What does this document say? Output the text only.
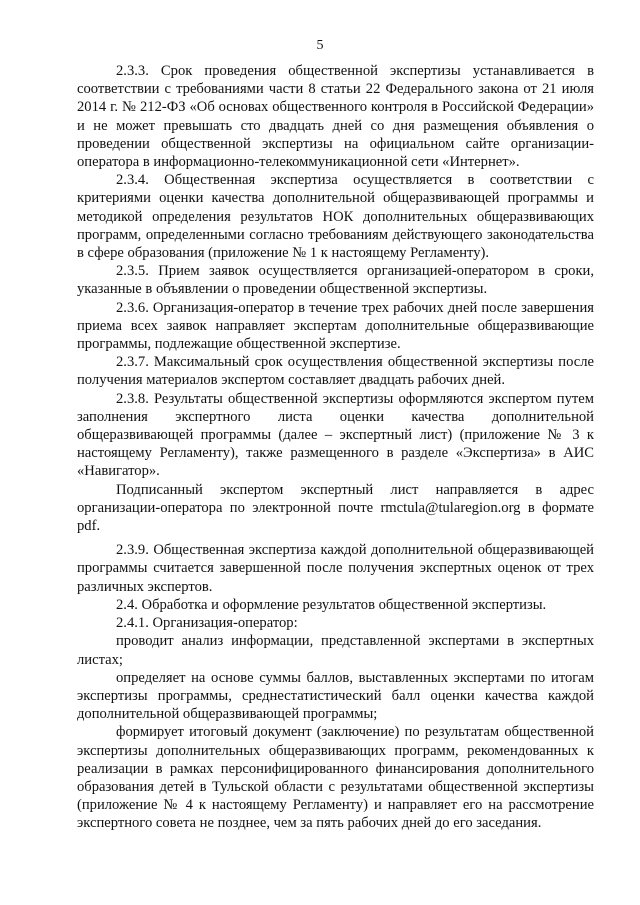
5

2.3.3. Срок проведения общественной экспертизы устанавливается в соответствии с требованиями части 8 статьи 22 Федерального закона от 21 июля 2014 г. № 212-ФЗ «Об основах общественного контроля в Российской Федерации» и не может превышать сто двадцать дней со дня размещения объявления о проведении общественной экспертизы на официальном сайте организации-оператора в информационно-телекоммуникационной сети «Интернет».

2.3.4. Общественная экспертиза осуществляется в соответствии с критериями оценки качества дополнительной общеразвивающей программы и методикой определения результатов НОК дополнительных общеразвивающих программ, определенными согласно требованиям действующего законодательства в сфере образования (приложение № 1 к настоящему Регламенту).

2.3.5. Прием заявок осуществляется организацией-оператором в сроки, указанные в объявлении о проведении общественной экспертизы.

2.3.6. Организация-оператор в течение трех рабочих дней после завершения приема всех заявок направляет экспертам дополнительные общеразвивающие программы, подлежащие общественной экспертизе.

2.3.7. Максимальный срок осуществления общественной экспертизы после получения материалов экспертом составляет двадцать рабочих дней.

2.3.8. Результаты общественной экспертизы оформляются экспертом путем заполнения экспертного листа оценки качества дополнительной общеразвивающей программы (далее – экспертный лист) (приложение № 3 к настоящему Регламенту), также размещенного в разделе «Экспертиза» в АИС «Навигатор».

Подписанный экспертом экспертный лист направляется в адрес организации-оператора по электронной почте rmctula@tularegion.org в формате pdf.

2.3.9. Общественная экспертиза каждой дополнительной общеразвивающей программы считается завершенной после получения экспертных оценок от трех различных экспертов.

2.4. Обработка и оформление результатов общественной экспертизы.

2.4.1. Организация-оператор:

проводит анализ информации, представленной экспертами в экспертных листах;

определяет на основе суммы баллов, выставленных экспертами по итогам экспертизы программы, среднестатистический балл оценки качества каждой дополнительной общеразвивающей программы;

формирует итоговый документ (заключение) по результатам общественной экспертизы дополнительных общеразвивающих программ, рекомендованных к реализации в рамках персонифицированного финансирования дополнительного образования детей в Тульской области с результатами общественной экспертизы (приложение № 4 к настоящему Регламенту) и направляет его на рассмотрение экспертного совета не позднее, чем за пять рабочих дней до его заседания.
